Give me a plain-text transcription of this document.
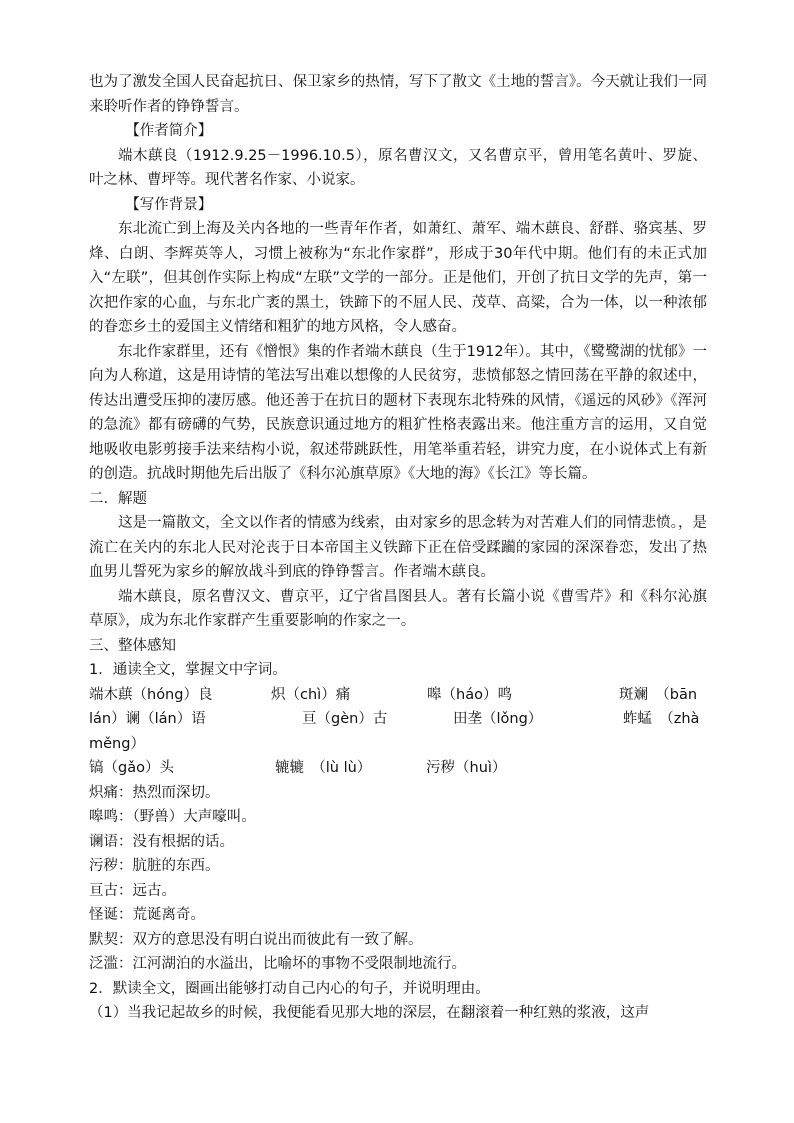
也为了激发全国人民奋起抗日、保卫家乡的热情，写下了散文《土地的誓言》。今天就让我们一同来聆听作者的铮铮誓言。

【作者简介】

端木蕻良（1912.9.25－1996.10.5），原名曹汉文，又名曹京平，曾用笔名黄叶、罗旋、叶之林、曹坪等。现代著名作家、小说家。

【写作背景】

东北流亡到上海及关内各地的一些青年作者，如萧红、萧军、端木蕻良、舒群、骆宾基、罗烽、白朗、李辉英等人，习惯上被称为“东北作家群”，形成于30年代中期。他们有的未正式加入“左联”，但其创作实际上构成“左联”文学的一部分。正是他们，开创了抗日文学的先声，第一次把作家的心血，与东北广袤的黑土，铁蹄下的不屈人民、茂草、高粱，合为一体，以一种浓郁的眷恋乡土的爱国主义情绪和粗犷的地方风格，令人感奋。

东北作家群里，还有《憎恨》集的作者端木蕻良（生于1912年）。其中，《鹭鹭湖的忧郁》一向为人称道，这是用诗情的笔法写出难以想像的人民贫穷，悲愤郁怒之情回荡在平静的叙述中，传达出遭受压抑的凄厉感。他还善于在抗日的题材下表现东北特殊的风情，《遥远的风砂》《浑河的急流》都有磅礴的气势，民族意识通过地方的粗犷性格表露出来。他注重方言的运用，又自觉地吸收电影剪接手法来结构小说，叙述带跳跃性，用笔举重若轻，讲究力度，在小说体式上有新的创造。抗战时期他先后出版了《科尔沁旗草原》《大地的海》《长江》等长篇。

二．解题

这是一篇散文，全文以作者的情感为线索，由对家乡的思念转为对苦难人们的同情悲愤。，是流亡在关内的东北人民对沦丧于日本帝国主义铁蹄下正在倍受蹂躏的家园的深深眷恋，发出了热血男儿誓死为家乡的解放战斗到底的铮铮誓言。作者端木蕻良。

端木蕻良，原名曹汉文、曹京平，辽宁省昌图县人。著有长篇小说《曹雪芹》和《科尔沁旗草原》，成为东北作家群产生重要影响的作家之一。

三、整体感知

1．通读全文，掌握文中字词。

端木蕻（hóng）良	炽（chì）痛	嗥（háo）鸣	斑斓　（bān
lán）谰（lán）语	亘（gèn）古	田垄（lǒng）	蚱蜢　（zhà
měng）
镐（gǎo）头	辘辘　（lù lù）	污秽（huì）

炽痛：热烈而深切。

嗥鸣：（野兽）大声嚎叫。

谰语：没有根据的话。

污秽：肮脏的东西。

亘古：远古。

怪诞：荒诞离奇。

默契：双方的意思没有明白说出而彼此有一致了解。

泛滥：江河湖泊的水溢出，比喻坏的事物不受限制地流行。

2．默读全文，圈画出能够打动自己内心的句子，并说明理由。

（1）当我记起故乡的时候，我便能看见那大地的深层，在翻滚着一种红熟的浆液，这声
